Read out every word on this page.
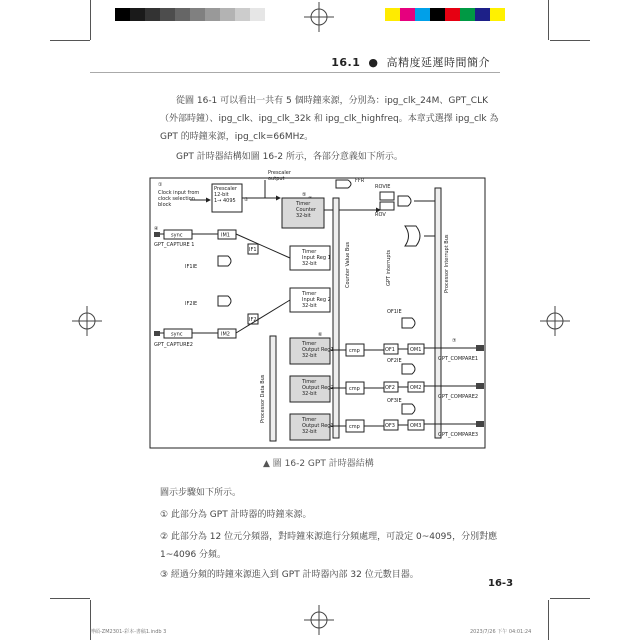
16.1 ● 高精度延遲時間簡介

從圖 16-1 可以看出一共有 5 個時鐘來源，分別為：ipg_clk_24M、GPT_CLK（外部時鐘）、ipg_clk、ipg_clk_32k 和 ipg_clk_highfreq。本章式選擇 ipg_clk 為 GPT 的時鐘來源，ipg_clk=66MHz。

GPT 計時器結構如圖 16-2 所示，各部分意義如下所示。

Prescaler output
①
Clock input from clock selection block
Prescaler 12-bit 1→ 4095	②
Timer Counter 32-bit
FFR
ROVIE
ROV
Counter Value Bus	GPT interrupts	Processor Interrupt Bus
④
sync	IM1
IF1
GPT_CAPTURE 1
IF1IE
Timer Input Reg 1 32-bit
IF2IE
Timer Input Reg 2 32-bit
IF2
sync	IM2
GPT_CAPTURE2
Processor Data Bus
⑥
Timer Output Reg1 32-bit
Timer Output Reg2 32-bit
Timer Output Reg3 32-bit
cmp
cmp
cmp
OF1IE
OF1
OF2IE
OF2
OF3IE
OF3
OM1
OM2
OM3
⑦
GPT_COMPARE1
GPT_COMPARE2
GPT_COMPARE3
⑤
▲ 圖 16-2 GPT 計時器結構

圖示步驟如下所示。

① 此部分為 GPT 計時器的時鐘來源。

② 此部分為 12 位元分頻器，對時鐘來源進行分頻處理，可設定 0~4095，分別對應 1~4096 分頻。

③ 經過分頻的時鐘來源進入到 GPT 計時器內部 32 位元數目器。

16-3
博碩-ZM2301-彩本-書稿1.indb 3	2023/7/26 下午 04:01:24
